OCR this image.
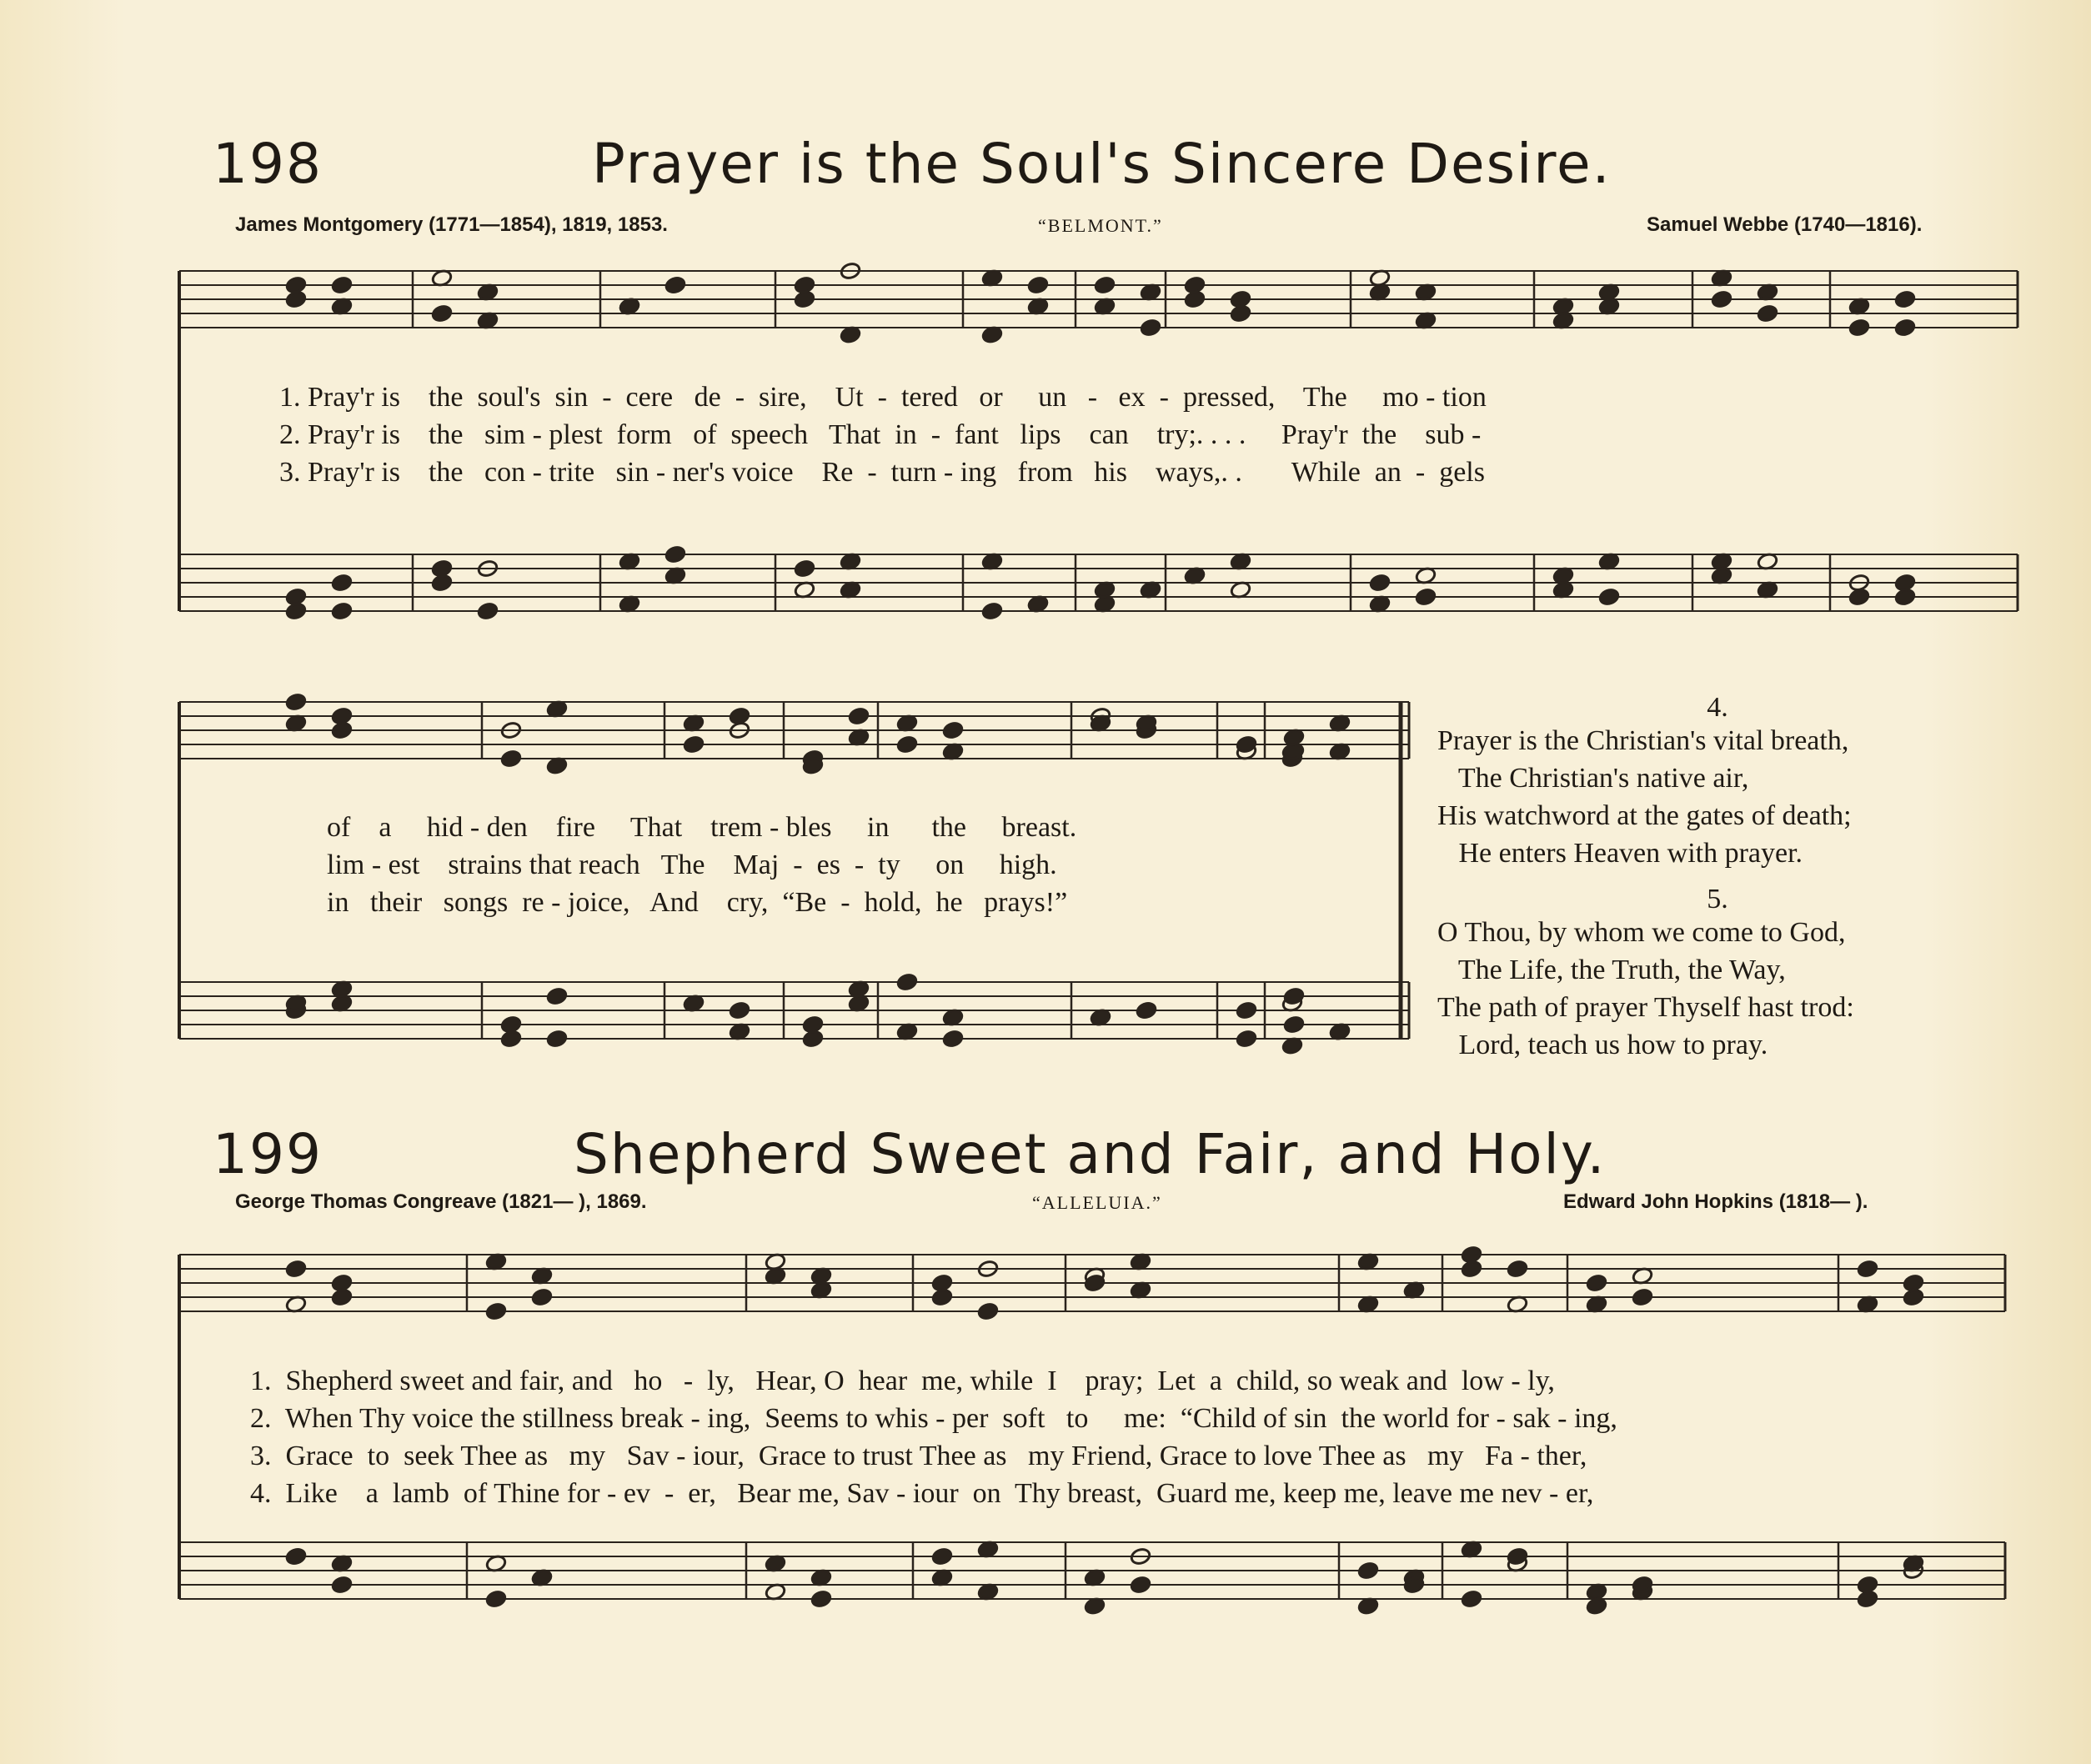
198	Prayer is the Soul's Sincere Desire.
James Montgomery (1771—1854), 1819, 1853.	“BELMONT.”	Samuel Webbe (1740—1816).
1. Pray'r is    the  soul's  sin  -  cere   de  -  sire,    Ut  -  tered   or     un   -   ex  -  pressed,    The     mo - tion
2. Pray'r is    the   sim - plest  form   of  speech   That  in  -  fant   lips    can    try;. . . .     Pray'r  the    sub -
3. Pray'r is    the   con - trite   sin - ner's voice    Re  -  turn - ing   from   his    ways,. .       While  an  -  gels
of    a     hid - den    fire     That    trem - bles     in      the     breast.
lim - est    strains that reach   The    Maj  -  es  -  ty     on     high.
in   their   songs  re - joice,   And    cry,  “Be  -  hold,  he   prays!”
4.
Prayer is the Christian's vital breath,
The Christian's native air,
His watchword at the gates of death;
He enters Heaven with prayer.
5.
O Thou, by whom we come to God,
The Life, the Truth, the Way,
The path of prayer Thyself hast trod:
Lord, teach us how to pray.
199	Shepherd Sweet and Fair, and Holy.
George Thomas Congreave (1821— ), 1869.	“ALLELUIA.”	Edward John Hopkins (1818— ).
1.  Shepherd sweet and fair, and   ho   -  ly,   Hear, O  hear  me, while  I    pray;  Let  a  child, so weak and  low - ly,
2.  When Thy voice the stillness break - ing,  Seems to whis - per  soft   to     me:  “Child of sin  the world for - sak - ing,
3.  Grace  to  seek Thee as   my   Sav - iour,  Grace to trust Thee as   my Friend, Grace to love Thee as   my   Fa - ther,
4.  Like    a  lamb  of Thine for - ev  -  er,   Bear me, Sav - iour  on  Thy breast,  Guard me, keep me, leave me nev - er,
